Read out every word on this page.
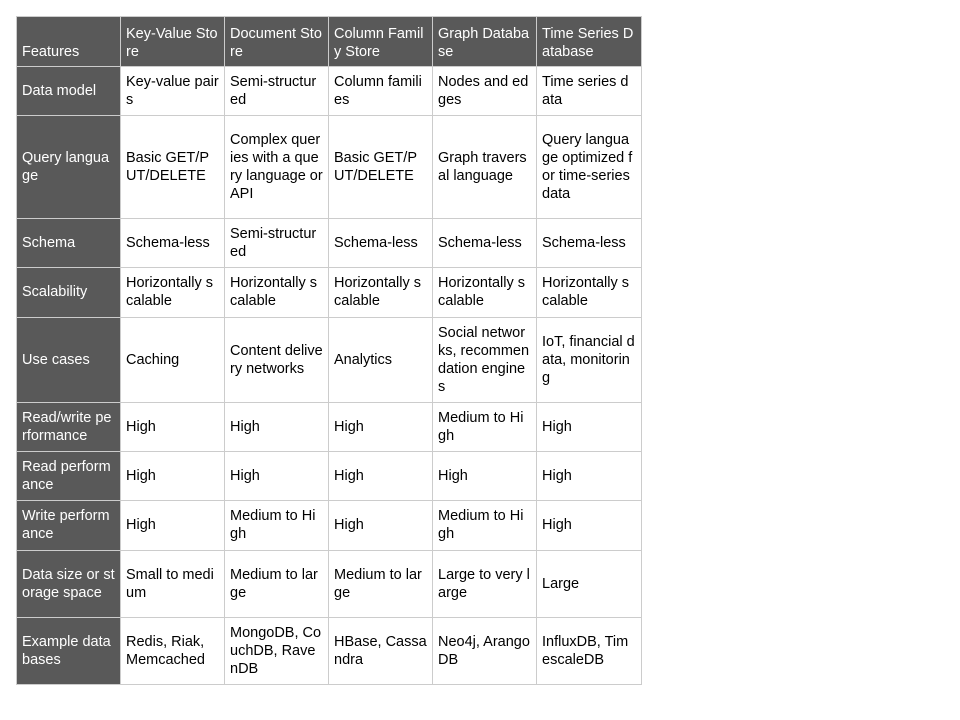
Features	Key-Value Store	Document Store	Column Family Store	Graph Database	Time Series Database
Data model	Key-value pairs	Semi-structured	Column families	Nodes and edges	Time series data
Query language	Basic GET/PUT/DELETE	Complex queries with a query language or API	Basic GET/PUT/DELETE	Graph traversal language	Query language optimized for time-series data
Schema	Schema-less	Semi-structured	Schema-less	Schema-less	Schema-less
Scalability	Horizontally scalable	Horizontally scalable	Horizontally scalable	Horizontally scalable	Horizontally scalable
Use cases	Caching	Content delivery networks	Analytics	Social networks, recommendation engines	IoT, financial data, monitoring
Read/write performance	High	High	High	Medium to High	High
Read performance	High	High	High	High	High
Write performance	High	Medium to High	High	Medium to High	High
Data size or storage space	Small to medium	Medium to large	Medium to large	Large to very large	Large
Example databases	Redis, Riak, Memcached	MongoDB, CouchDB, RavenDB	HBase, Cassandra	Neo4j, ArangoDB	InfluxDB, TimescaleDB
